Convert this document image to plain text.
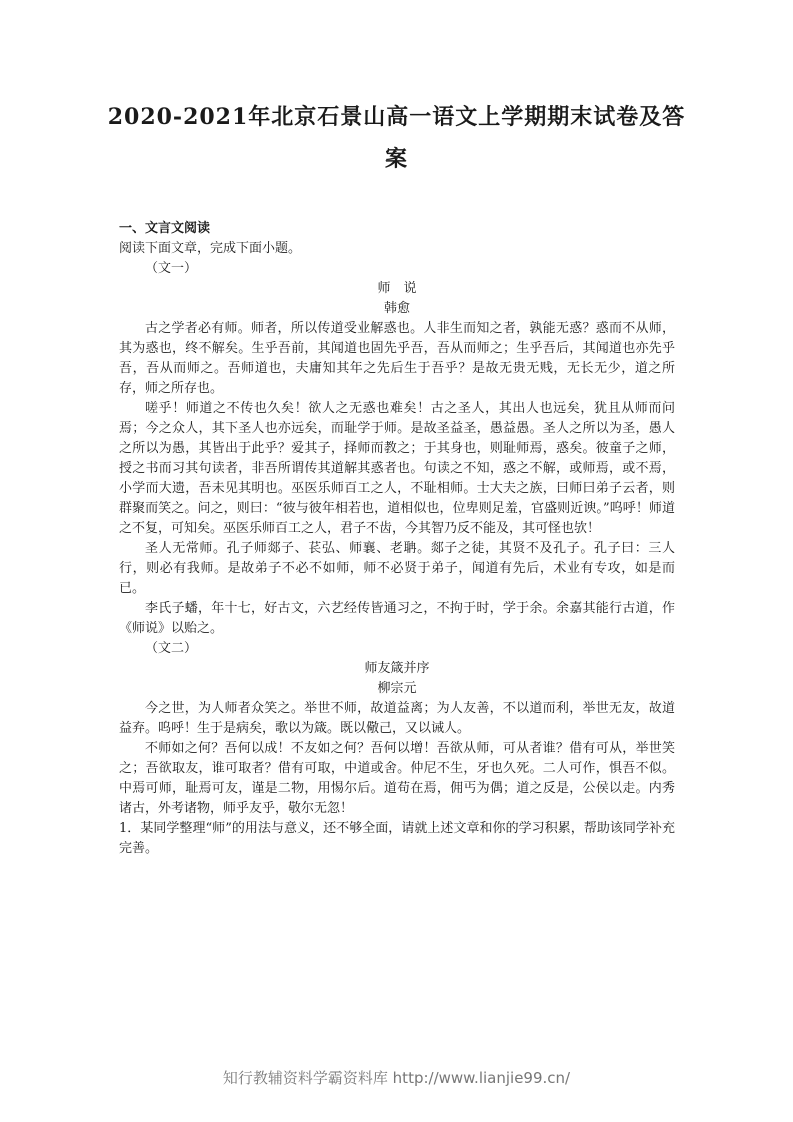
2020-2021年北京石景山高一语文上学期期末试卷及答
案

一、文言文阅读

阅读下面文章，完成下面小题。

（文一）

师　说

韩愈

古之学者必有师。师者，所以传道受业解惑也。人非生而知之者，孰能无惑？惑而不从师，其为惑也，终不解矣。生乎吾前，其闻道也固先乎吾，吾从而师之；生乎吾后，其闻道也亦先乎吾，吾从而师之。吾师道也，夫庸知其年之先后生于吾乎？是故无贵无贱，无长无少，道之所存，师之所存也。

嗟乎！师道之不传也久矣！欲人之无惑也难矣！古之圣人，其出人也远矣，犹且从师而问焉；今之众人，其下圣人也亦远矣，而耻学于师。是故圣益圣，愚益愚。圣人之所以为圣，愚人之所以为愚，其皆出于此乎？爱其子，择师而教之；于其身也，则耻师焉，惑矣。彼童子之师，授之书而习其句读者，非吾所谓传其道解其惑者也。句读之不知，惑之不解，或师焉，或不焉，小学而大遗，吾未见其明也。巫医乐师百工之人，不耻相师。士大夫之族，曰师曰弟子云者，则群聚而笑之。问之，则曰：“彼与彼年相若也，道相似也，位卑则足羞，官盛则近谀。”呜呼！师道之不复，可知矣。巫医乐师百工之人，君子不齿，今其智乃反不能及，其可怪也欤！

圣人无常师。孔子师郯子、苌弘、师襄、老聃。郯子之徒，其贤不及孔子。孔子曰：三人行，则必有我师。是故弟子不必不如师，师不必贤于弟子，闻道有先后，术业有专攻，如是而已。

李氏子蟠，年十七，好古文，六艺经传皆通习之，不拘于时，学于余。余嘉其能行古道，作《师说》以贻之。

（文二）

师友箴并序

柳宗元

今之世，为人师者众笑之。举世不师，故道益离；为人友善，不以道而利，举世无友，故道益弃。呜呼！生于是病矣，歌以为箴。既以儆己，又以诫人。

不师如之何？吾何以成！不友如之何？吾何以增！吾欲从师，可从者谁？借有可从，举世笑之；吾欲取友，谁可取者？借有可取，中道或舍。仲尼不生，牙也久死。二人可作，惧吾不似。中焉可师，耻焉可友，谨是二物，用惕尔后。道苟在焉，佣丐为偶；道之反是，公侯以走。内秀诸古，外考诸物，师乎友乎，敬尔无忽！

1．某同学整理“师”的用法与意义，还不够全面，请就上述文章和你的学习积累，帮助该同学补充完善。

知行教辅资料学霸资料库 http://www.lianjie99.cn/
